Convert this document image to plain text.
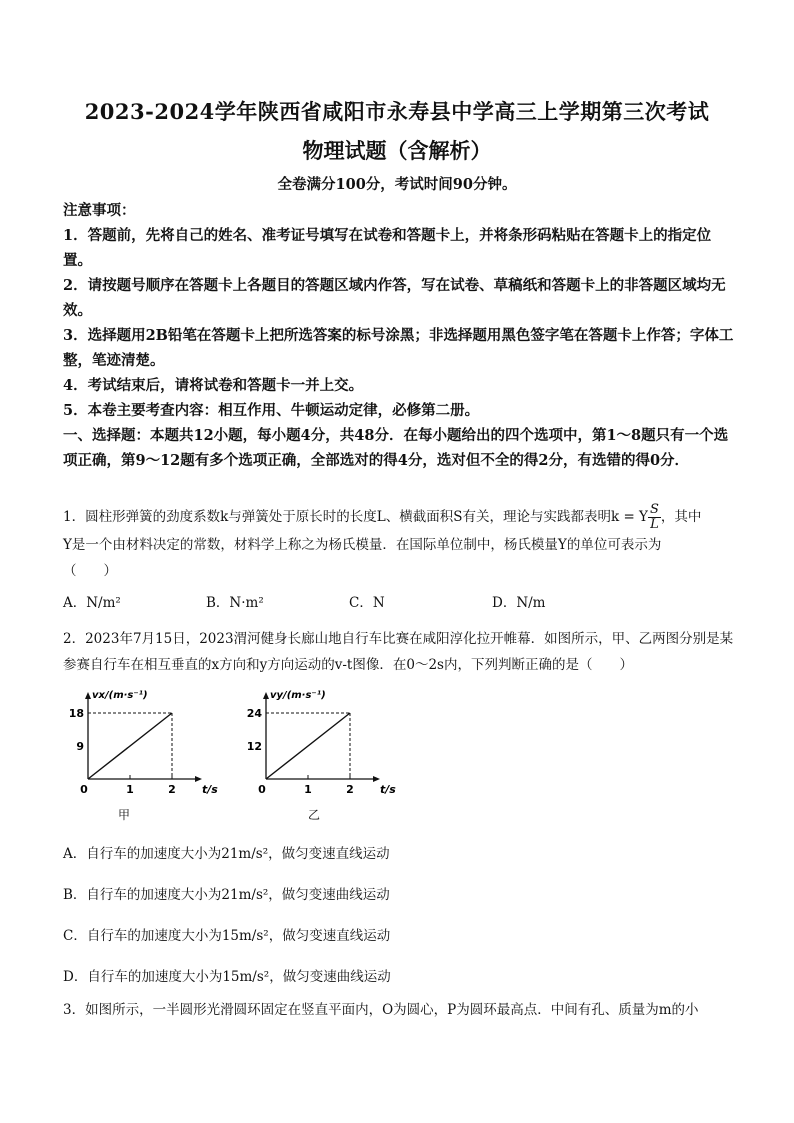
2023-2024学年陕西省咸阳市永寿县中学高三上学期第三次考试
物理试题（含解析）
全卷满分100分，考试时间90分钟。

注意事项：

1．答题前，先将自己的姓名、准考证号填写在试卷和答题卡上，并将条形码粘贴在答题卡上的指定位置。

2．请按题号顺序在答题卡上各题目的答题区域内作答，写在试卷、草稿纸和答题卡上的非答题区域均无效。

3．选择题用2B铅笔在答题卡上把所选答案的标号涂黑；非选择题用黑色签字笔在答题卡上作答；字体工整，笔迹清楚。

4．考试结束后，请将试卷和答题卡一并上交。

5．本卷主要考查内容：相互作用、牛顿运动定律，必修第二册。

一、选择题：本题共12小题，每小题4分，共48分．在每小题给出的四个选项中，第1～8题只有一个选项正确，第9～12题有多个选项正确，全部选对的得4分，选对但不全的得2分，有选错的得0分．

1．圆柱形弹簧的劲度系数k与弹簧处于原长时的长度L、横截面积S有关，理论与实践都表明k = Y $\frac{S}{L}$ ，其中

Y是一个由材料决定的常数，材料学上称之为杨氏模量．在国际单位制中，杨氏模量Y的单位可表示为

（　　）

A．N/m²	B．N·m²	C．N	D．N/m

2．2023年7月15日，2023渭河健身长廊山地自行车比赛在咸阳淳化拉开帷幕．如图所示，甲、乙两图分别是某参赛自行车在相互垂直的x方向和y方向运动的v-t图像．在0～2s内，下列判断正确的是（　　）

0	1	2
9
18
vx/(m·s⁻¹)
t/s
甲
0	1	2
12
24
vy/(m·s⁻¹)
t/s
乙
A．自行车的加速度大小为21m/s²，做匀变速直线运动
B．自行车的加速度大小为21m/s²，做匀变速曲线运动
C．自行车的加速度大小为15m/s²，做匀变速直线运动
D．自行车的加速度大小为15m/s²，做匀变速曲线运动

3．如图所示，一半圆形光滑圆环固定在竖直平面内，O为圆心，P为圆环最高点．中间有孔、质量为m的小
